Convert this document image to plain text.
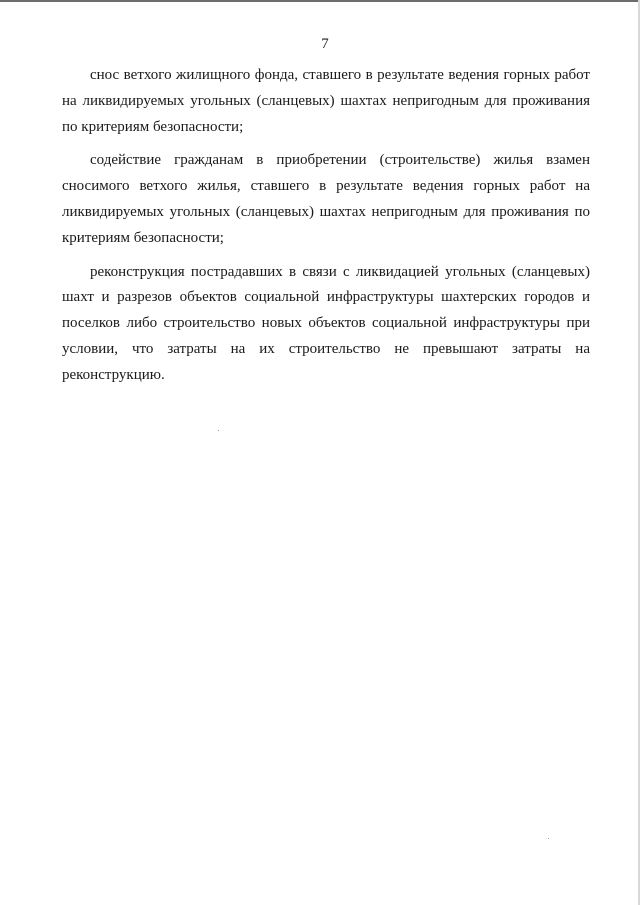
7

снос ветхого жилищного фонда, ставшего в результате ведения горных работ на ликвидируемых угольных (сланцевых) шахтах непригодным для проживания по критериям безопасности;

содействие гражданам в приобретении (строительстве) жилья взамен сносимого ветхого жилья, ставшего в результате ведения горных работ на ликвидируемых угольных (сланцевых) шахтах непригодным для проживания по критериям безопасности;

реконструкция пострадавших в связи с ликвидацией угольных (сланцевых) шахт и разрезов объектов социальной инфраструктуры шахтерских городов и поселков либо строительство новых объектов социальной инфраструктуры при условии, что затраты на их строительство не превышают затраты на реконструкцию.
